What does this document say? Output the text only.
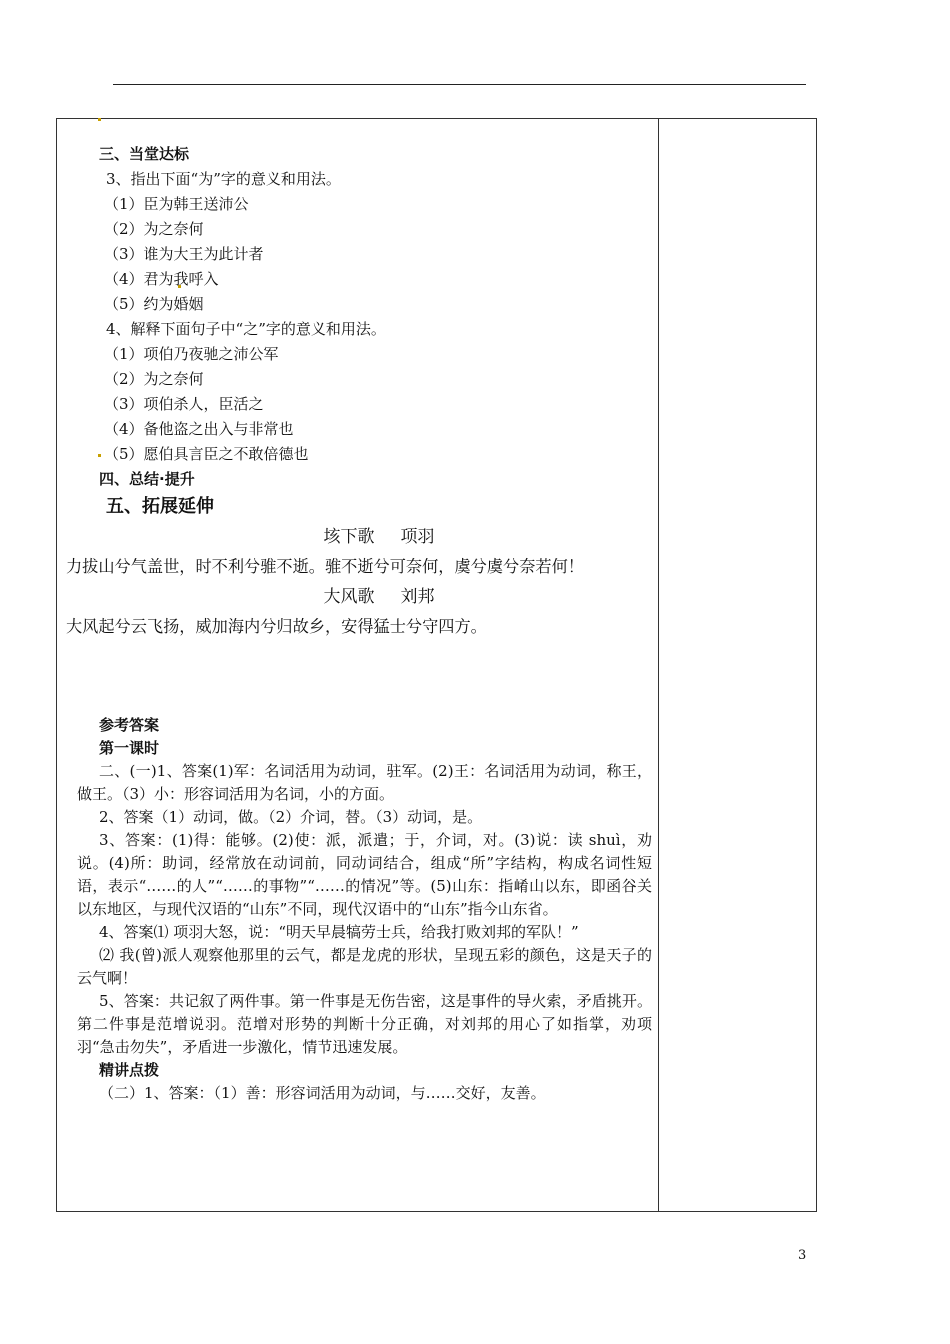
三、当堂达标

3、指出下面“为”字的意义和用法。

（1）臣为韩王送沛公

（2）为之奈何

（3）谁为大王为此计者

（4）君为我呼入

（5）约为婚姻

4、解释下面句子中“之”字的意义和用法。

（1）项伯乃夜驰之沛公军

（2）为之奈何

（3）项伯杀人，臣活之

（4）备他盗之出入与非常也

（5）愿伯具言臣之不敢倍德也

四、总结·提升

五、拓展延伸

垓下歌 项羽

力拔山兮气盖世，时不利兮骓不逝。骓不逝兮可奈何，虞兮虞兮奈若何！

大风歌 刘邦

大风起兮云飞扬，威加海内兮归故乡，安得猛士兮守四方。

参考答案

第一课时

二、(一)1、答案(1)军：名词活用为动词，驻军。(2)王：名词活用为动词，称王，做王。（3）小：形容词活用为名词，小的方面。

2、答案（1）动词，做。（2）介词，替。（3）动词，是。

3、答案：(1)得：能够。(2)使：派，派遣；于，介词，对。(3)说：读 shuì，劝说。(4)所：助词，经常放在动词前，同动词结合，组成“所”字结构，构成名词性短语，表示“……的人”“……的事物”“……的情况”等。(5)山东：指崤山以东，即函谷关以东地区，与现代汉语的“山东”不同，现代汉语中的“山东”指今山东省。

4、答案⑴ 项羽大怒，说：“明天早晨犒劳士兵，给我打败刘邦的军队！”

⑵ 我(曾)派人观察他那里的云气，都是龙虎的形状，呈现五彩的颜色，这是天子的云气啊！

5、答案：共记叙了两件事。第一件事是无伤告密，这是事件的导火索，矛盾挑开。第二件事是范增说羽。范增对形势的判断十分正确，对刘邦的用心了如指掌，劝项羽“急击勿失”，矛盾进一步激化，情节迅速发展。

精讲点拨

（二）1、答案：（1）善：形容词活用为动词，与……交好，友善。

3
